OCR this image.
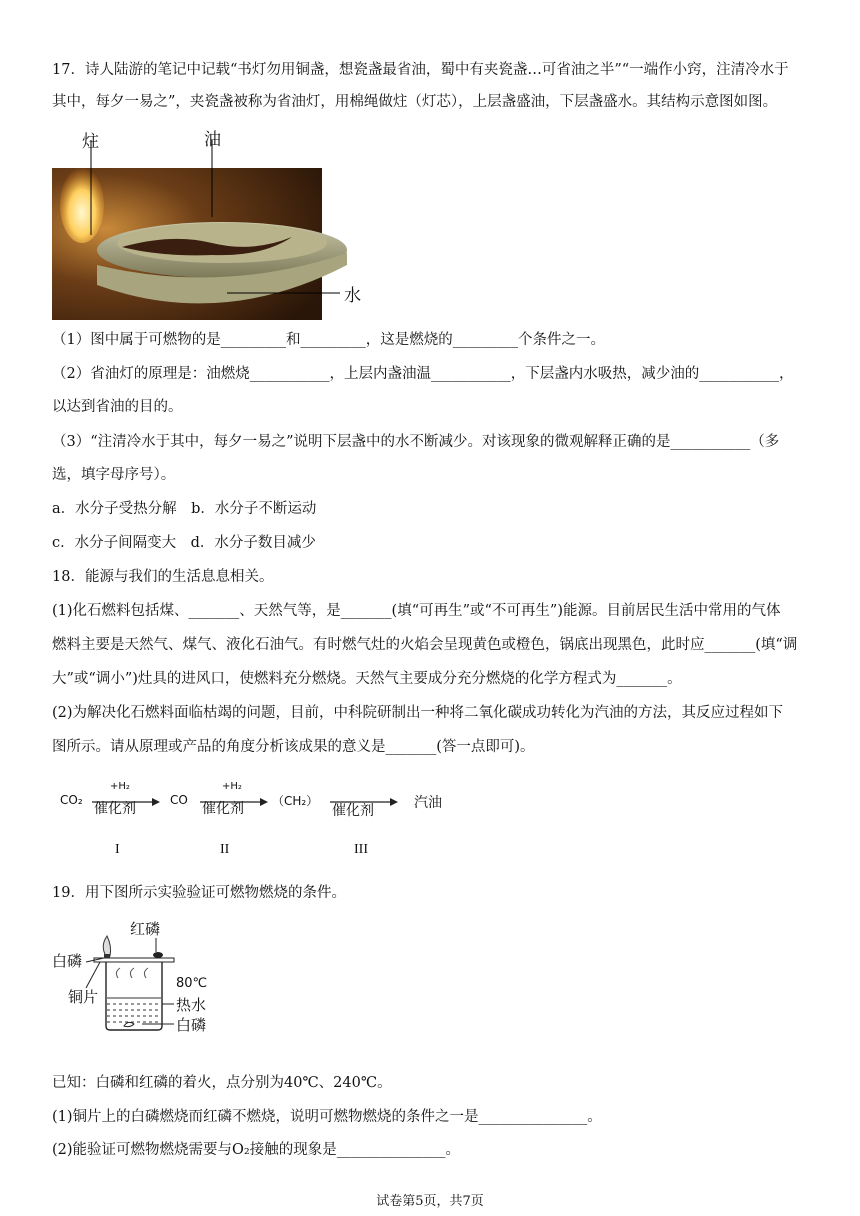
17．诗人陆游的笔记中记载“书灯勿用铜盏，想瓷盏最省油，蜀中有夹瓷盏…可省油之半”“一端作小窍，注清冷水于
其中，每夕一易之”，夹瓷盏被称为省油灯，用棉绳做炷（灯芯），上层盏盛油，下层盏盛水。其结构示意图如图。
炷	油
水
（1）图中属于可燃物的是_________和_________，这是燃烧的_________个条件之一。
（2）省油灯的原理是：油燃烧___________，上层内盏油温___________，下层盏内水吸热，减少油的___________，
以达到省油的目的。
（3）“注清冷水于其中，每夕一易之”说明下层盏中的水不断减少。对该现象的微观解释正确的是___________（多
选，填字母序号）。
a．水分子受热分解　b．水分子不断运动
c．水分子间隔变大　d．水分子数目减少
18．能源与我们的生活息息相关。
(1)化石燃料包括煤、_______、天然气等，是_______(填“可再生”或“不可再生”)能源。目前居民生活中常用的气体
燃料主要是天然气、煤气、液化石油气。有时燃气灶的火焰会呈现黄色或橙色，锅底出现黑色，此时应_______(填“调
大”或“调小”)灶具的进风口，使燃料充分燃烧。天然气主要成分充分燃烧的化学方程式为_______。
(2)为解决化石燃料面临枯竭的问题，目前，中科院研制出一种将二氧化碳成功转化为汽油的方法，其反应过程如下
图所示。请从原理或产品的角度分析该成果的意义是_______(答一点即可)。
CO₂
+H₂
催化剂
CO
+H₂
催化剂 （CH₂）
催化剂	汽油
I	II	III
19．用下图所示实验验证可燃物燃烧的条件。
红磷
白磷
铜片
80℃
热水
白磷
已知：白磷和红磷的着火，点分别为40℃、240℃。
(1)铜片上的白磷燃烧而红磷不燃烧，说明可燃物燃烧的条件之一是_______________。
(2)能验证可燃物燃烧需要与O₂接触的现象是_______________。
试卷第5页，共7页
